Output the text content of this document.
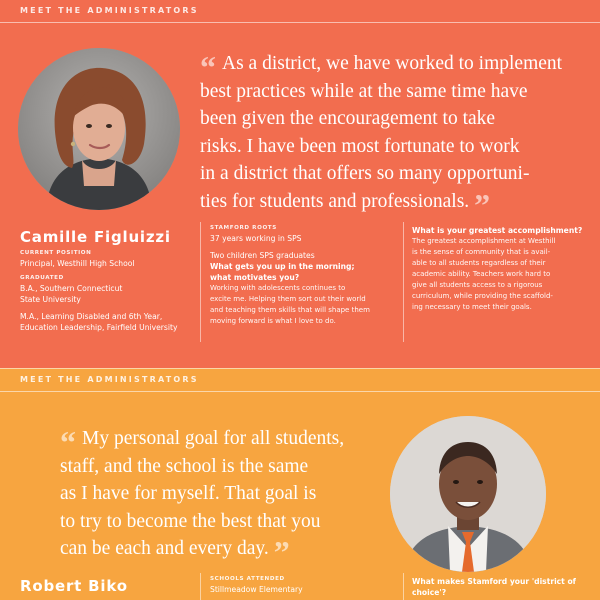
MEET THE ADMINISTRATORS
“ As a district, we have worked to implement
best practices while at the same time have
been given the encouragement to take
risks. I have been most fortunate to work
in a district that offers so many opportuni-
ties for students and professionals. ”
Camille Figluizzi

CURRENT POSITION

Principal, Westhill High School

GRADUATED

B.A., Southern Connecticut

State University

M.A., Learning Disabled and 6th Year,

Education Leadership, Fairfield University

STAMFORD ROOTS

37 years working in SPS

Two children SPS graduates

What gets you up in the morning;

what motivates you?

Working with adolescents continues to

excite me. Helping them sort out their world

and teaching them skills that will shape them

moving forward is what I love to do.

What is your greatest accomplishment?

The greatest accomplishment at Westhill

is the sense of community that is avail-

able to all students regardless of their

academic ability. Teachers work hard to

give all students access to a rigorous

curriculum, while providing the scaffold-

ing necessary to meet their goals.

MEET THE ADMINISTRATORS
“ My personal goal for all students,
staff, and the school is the same
as I have for myself. That goal is
to try to become the best that you
can be each and every day. ”
Robert Biko	SCHOOLS ATTENDED

Stillmeadow Elementary

What makes Stamford your 'district of

choice'?
